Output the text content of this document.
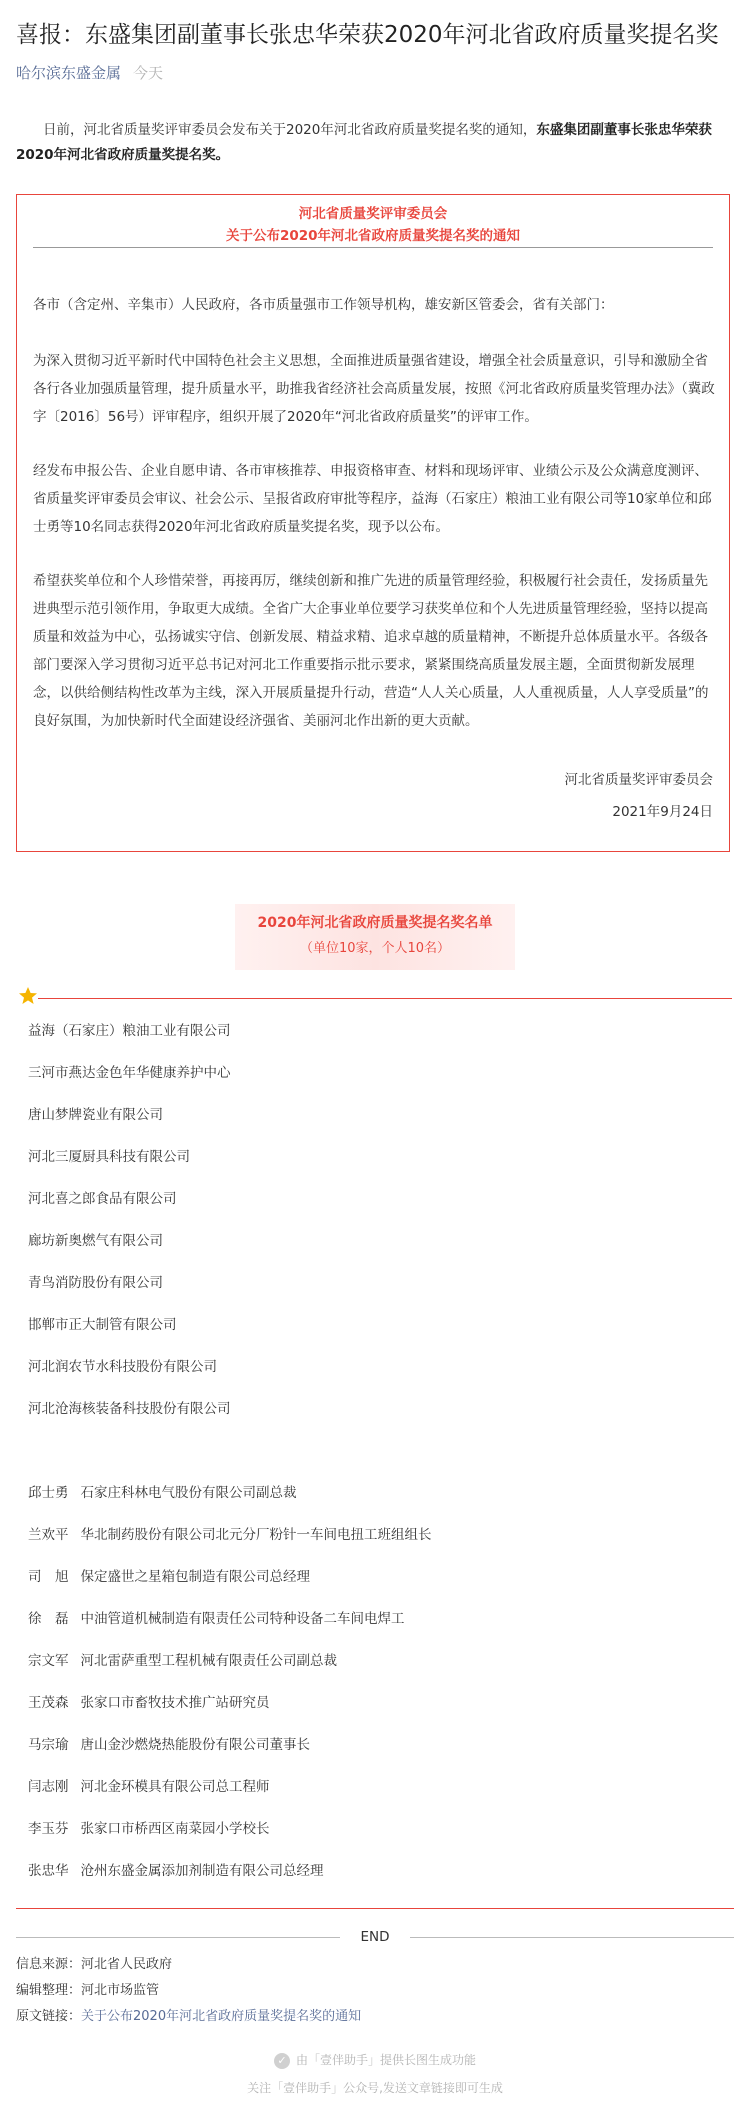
喜报：东盛集团副董事长张忠华荣获2020年河北省政府质量奖提名奖
哈尔滨东盛金属 今天

日前，河北省质量奖评审委员会发布关于2020年河北省政府质量奖提名奖的通知，东盛集团副董事长张忠华荣获2020年河北省政府质量奖提名奖。

河北省质量奖评审委员会
关于公布2020年河北省政府质量奖提名奖的通知

各市（含定州、辛集市）人民政府，各市质量强市工作领导机构，雄安新区管委会，省有关部门：

为深入贯彻习近平新时代中国特色社会主义思想，全面推进质量强省建设，增强全社会质量意识，引导和激励全省各行各业加强质量管理，提升质量水平，助推我省经济社会高质量发展，按照《河北省政府质量奖管理办法》（冀政字〔2016〕56号）评审程序，组织开展了2020年“河北省政府质量奖”的评审工作。

经发布申报公告、企业自愿申请、各市审核推荐、申报资格审查、材料和现场评审、业绩公示及公众满意度测评、省质量奖评审委员会审议、社会公示、呈报省政府审批等程序，益海（石家庄）粮油工业有限公司等10家单位和邱士勇等10名同志获得2020年河北省政府质量奖提名奖，现予以公布。

希望获奖单位和个人珍惜荣誉，再接再厉，继续创新和推广先进的质量管理经验，积极履行社会责任，发扬质量先进典型示范引领作用，争取更大成绩。全省广大企事业单位要学习获奖单位和个人先进质量管理经验，坚持以提高质量和效益为中心，弘扬诚实守信、创新发展、精益求精、追求卓越的质量精神，不断提升总体质量水平。各级各部门要深入学习贯彻习近平总书记对河北工作重要指示批示要求，紧紧围绕高质量发展主题，全面贯彻新发展理念，以供给侧结构性改革为主线，深入开展质量提升行动，营造“人人关心质量，人人重视质量，人人享受质量”的良好氛围，为加快新时代全面建设经济强省、美丽河北作出新的更大贡献。

河北省质量奖评审委员会
2021年9月24日
2020年河北省政府质量奖提名奖名单
（单位10家，个人10名）
益海（石家庄）粮油工业有限公司
三河市燕达金色年华健康养护中心
唐山梦牌瓷业有限公司
河北三厦厨具科技有限公司
河北喜之郎食品有限公司
廊坊新奥燃气有限公司
青鸟消防股份有限公司
邯郸市正大制管有限公司
河北润农节水科技股份有限公司
河北沧海核装备科技股份有限公司
邱士勇 石家庄科林电气股份有限公司副总裁
兰欢平 华北制药股份有限公司北元分厂粉针一车间电扭工班组组长
司　旭 保定盛世之星箱包制造有限公司总经理
徐　磊 中油管道机械制造有限责任公司特种设备二车间电焊工
宗文军 河北雷萨重型工程机械有限责任公司副总裁
王茂森 张家口市畜牧技术推广站研究员
马宗瑜 唐山金沙燃烧热能股份有限公司董事长
闫志刚 河北金环模具有限公司总工程师
李玉芬 张家口市桥西区南菜园小学校长
张忠华 沧州东盛金属添加剂制造有限公司总经理
END
信息来源：河北省人民政府
编辑整理：河北市场监管
原文链接：关于公布2020年河北省政府质量奖提名奖的通知
✓ 由「壹伴助手」提供长图生成功能
关注「壹伴助手」公众号,发送文章链接即可生成
